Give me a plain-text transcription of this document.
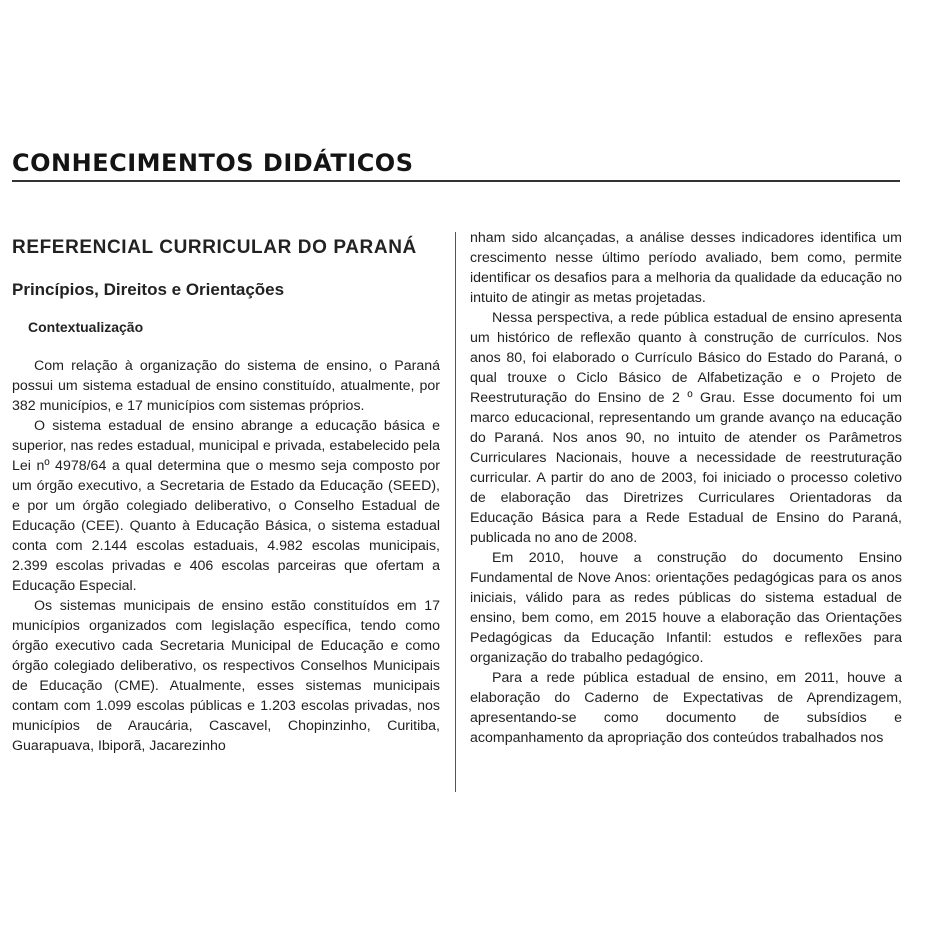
CONHECIMENTOS DIDÁTICOS
REFERENCIAL CURRICULAR DO PARANÁ
Princípios, Direitos e Orientações
Contextualização

Com relação à organização do sistema de ensino, o Paraná possui um sistema estadual de ensino constituído, atualmente, por 382 municípios, e 17 municípios com sistemas próprios.

O sistema estadual de ensino abrange a educação básica e superior, nas redes estadual, municipal e privada, estabelecido pela Lei nº 4978/64 a qual determina que o mesmo seja composto por um órgão executivo, a Secretaria de Estado da Educação (SEED), e por um órgão colegiado deliberativo, o Conselho Estadual de Educação (CEE). Quanto à Educação Básica, o sistema estadual conta com 2.144 escolas estaduais, 4.982 escolas municipais, 2.399 escolas privadas e 406 escolas parceiras que ofertam a Educação Especial.

Os sistemas municipais de ensino estão constituídos em 17 municípios organizados com legislação específica, tendo como órgão executivo cada Secretaria Municipal de Educação e como órgão colegiado deliberativo, os respectivos Conselhos Municipais de Educação (CME). Atualmente, esses sistemas municipais contam com 1.099 escolas públicas e 1.203 escolas privadas, nos municípios de Araucária, Cascavel, Chopinzinho, Curitiba, Guarapuava, Ibiporã, Jacarezinho

nham sido alcançadas, a análise desses indicadores identifica um crescimento nesse último período avaliado, bem como, permite identificar os desafios para a melhoria da qualidade da educação no intuito de atingir as metas projetadas.

Nessa perspectiva, a rede pública estadual de ensino apresenta um histórico de reflexão quanto à construção de currículos. Nos anos 80, foi elaborado o Currículo Básico do Estado do Paraná, o qual trouxe o Ciclo Básico de Alfabetização e o Projeto de Reestruturação do Ensino de 2 º Grau. Esse documento foi um marco educacional, representando um grande avanço na educação do Paraná. Nos anos 90, no intuito de atender os Parâmetros Curriculares Nacionais, houve a necessidade de reestruturação curricular. A partir do ano de 2003, foi iniciado o processo coletivo de elaboração das Diretrizes Curriculares Orientadoras da Educação Básica para a Rede Estadual de Ensino do Paraná, publicada no ano de 2008.

Em 2010, houve a construção do documento Ensino Fundamental de Nove Anos: orientações pedagógicas para os anos iniciais, válido para as redes públicas do sistema estadual de ensino, bem como, em 2015 houve a elaboração das Orientações Pedagógicas da Educação Infantil: estudos e reflexões para organização do trabalho pedagógico.

Para a rede pública estadual de ensino, em 2011, houve a elaboração do Caderno de Expectativas de Aprendizagem, apresentando-se como documento de subsídios e acompanhamento da apropriação dos conteúdos trabalhados nos
